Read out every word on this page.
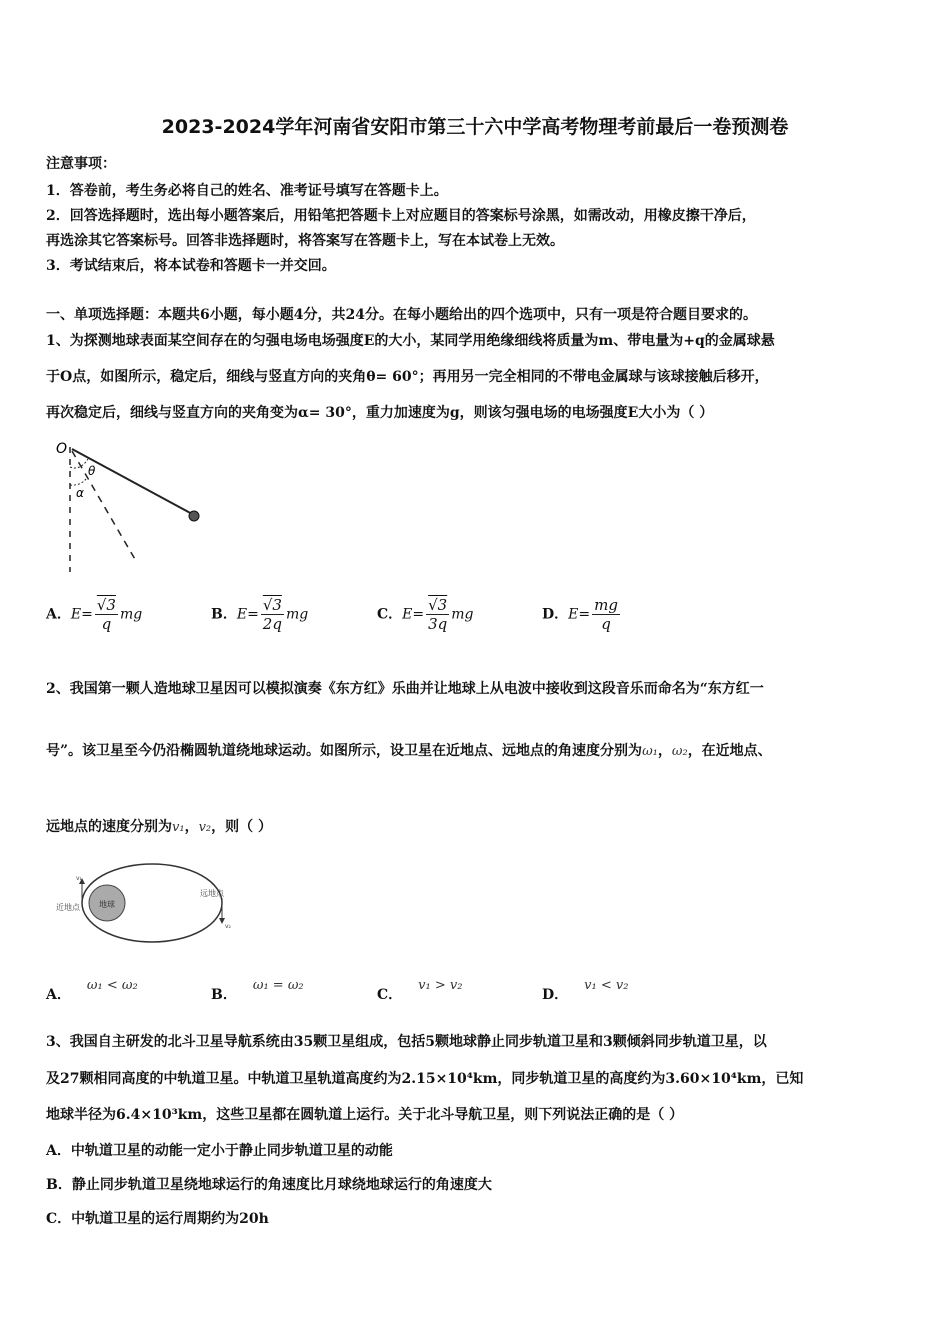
2023-2024学年河南省安阳市第三十六中学高考物理考前最后一卷预测卷
注意事项：
1．答卷前，考生务必将自己的姓名、准考证号填写在答题卡上。
2．回答选择题时，选出每小题答案后，用铅笔把答题卡上对应题目的答案标号涂黑，如需改动，用橡皮擦干净后，
再选涂其它答案标号。回答非选择题时，将答案写在答题卡上，写在本试卷上无效。
3．考试结束后，将本试卷和答题卡一并交回。
一、单项选择题：本题共6小题，每小题4分，共24分。在每小题给出的四个选项中，只有一项是符合题目要求的。
1、为探测地球表面某空间存在的匀强电场电场强度E的大小，某同学用绝缘细线将质量为m、带电量为+q的金属球悬
于O点，如图所示，稳定后，细线与竖直方向的夹角θ= 60°；再用另一完全相同的不带电金属球与该球接触后移开，
再次稳定后，细线与竖直方向的夹角变为α= 30°，重力加速度为g，则该匀强电场的电场强度E大小为（ ）
O
θ
α
A．$E= \frac{√3}{q}$ mg	B．$E= \frac{√3}{2q}$ mg	C．$E= \frac{√3}{3q}$ mg	D．$E= \frac{mg}{q}$
2、我国第一颗人造地球卫星因可以模拟演奏《东方红》乐曲并让地球上从电波中接收到这段音乐而命名为“东方红一
号”。该卫星至今仍沿椭圆轨道绕地球运动。如图所示，设卫星在近地点、远地点的角速度分别为ω₁，ω₂，在近地点、
远地点的速度分别为v₁，v₂，则（ ）
地球
近地点
远地点
v₁
v₂
A．ω₁ < ω₂
B．ω₁ = ω₂
C．v₁ > v₂
D．v₁ < v₂
3、我国自主研发的北斗卫星导航系统由35颗卫星组成，包括5颗地球静止同步轨道卫星和3颗倾斜同步轨道卫星，以
及27颗相同高度的中轨道卫星。中轨道卫星轨道高度约为2.15×10⁴km，同步轨道卫星的高度约为3.60×10⁴km，已知
地球半径为6.4×10³km，这些卫星都在圆轨道上运行。关于北斗导航卫星，则下列说法正确的是（ ）
A．中轨道卫星的动能一定小于静止同步轨道卫星的动能
B．静止同步轨道卫星绕地球运行的角速度比月球绕地球运行的角速度大
C．中轨道卫星的运行周期约为20h
